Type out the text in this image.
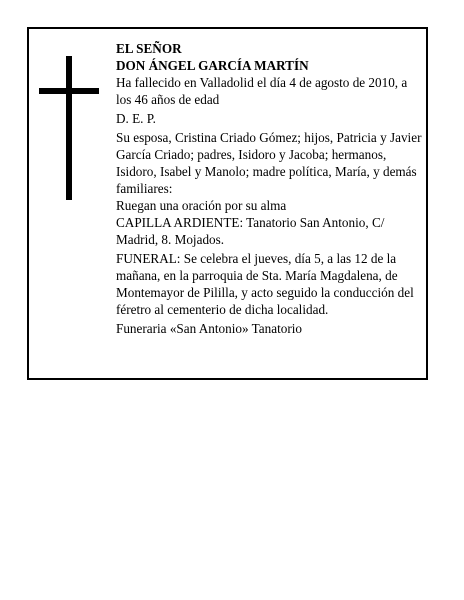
EL SEÑOR

DON ÁNGEL GARCÍA MARTÍN

Ha fallecido en Valladolid el día 4 de agosto de 2010, a los 46 años de edad

D. E. P.

Su esposa, Cristina Criado Gómez; hijos, Patricia y Javier García Criado; padres, Isidoro y Jacoba; hermanos, Isidoro, Isabel y Manolo; madre política, María, y demás familiares:

Ruegan una oración por su alma

CAPILLA ARDIENTE: Tanatorio San Antonio, C/ Madrid, 8. Mojados.

FUNERAL: Se celebra el jueves, día 5, a las 12 de la mañana, en la parroquia de Sta. María Magdalena, de Montemayor de Pililla, y acto seguido la conducción del féretro al cementerio de dicha localidad.

Funeraria «San Antonio» Tanatorio
